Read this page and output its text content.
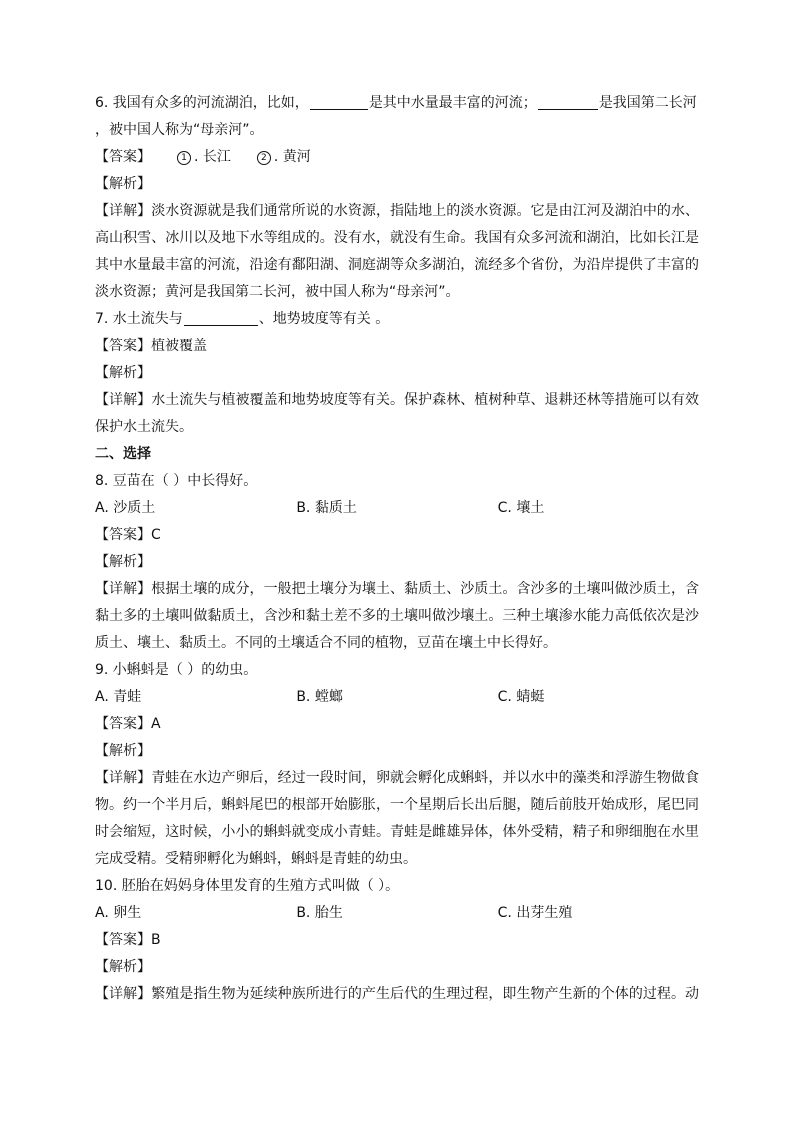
6. 我国有众多的河流湖泊，比如，	是其中水量最丰富的河流；	是我国第二长河
，被中国人称为“母亲河”。
【答案】	1 . 长江	2 . 黄河
【解析】
【详解】淡水资源就是我们通常所说的水资源，指陆地上的淡水资源。它是由江河及湖泊中的水、
高山积雪、冰川以及地下水等组成的。没有水，就没有生命。我国有众多河流和湖泊，比如长江是
其中水量最丰富的河流，沿途有鄱阳湖、洞庭湖等众多湖泊，流经多个省份，为沿岸提供了丰富的
淡水资源；黄河是我国第二长河，被中国人称为“母亲河”。
7. 水土流失与	、地势坡度等有关 。
【答案】植被覆盖
【解析】
【详解】水土流失与植被覆盖和地势坡度等有关。保护森林、植树种草、退耕还林等措施可以有效
保护水土流失。
二、选择
8. 豆苗在（ ）中长得好。
A. 沙质土	B. 黏质土	C. 壤土
【答案】C
【解析】
【详解】根据土壤的成分，一般把土壤分为壤土、黏质土、沙质土。含沙多的土壤叫做沙质土，含
黏土多的土壤叫做黏质土，含沙和黏土差不多的土壤叫做沙壤土。三种土壤渗水能力高低依次是沙
质土、壤土、黏质土。不同的土壤适合不同的植物，豆苗在壤土中长得好。
9. 小蝌蚪是（ ）的幼虫。
A. 青蛙	B. 螳螂	C. 蜻蜓
【答案】A
【解析】
【详解】青蛙在水边产卵后，经过一段时间，卵就会孵化成蝌蚪，并以水中的藻类和浮游生物做食
物。约一个半月后，蝌蚪尾巴的根部开始膨胀，一个星期后长出后腿，随后前肢开始成形，尾巴同
时会缩短，这时候，小小的蝌蚪就变成小青蛙。青蛙是雌雄异体，体外受精，精子和卵细胞在水里
完成受精。受精卵孵化为蝌蚪，蝌蚪是青蛙的幼虫。
10. 胚胎在妈妈身体里发育的生殖方式叫做（ ）。
A. 卵生	B. 胎生	C. 出芽生殖
【答案】B
【解析】
【详解】繁殖是指生物为延续种族所进行的产生后代的生理过程，即生物产生新的个体的过程。动
